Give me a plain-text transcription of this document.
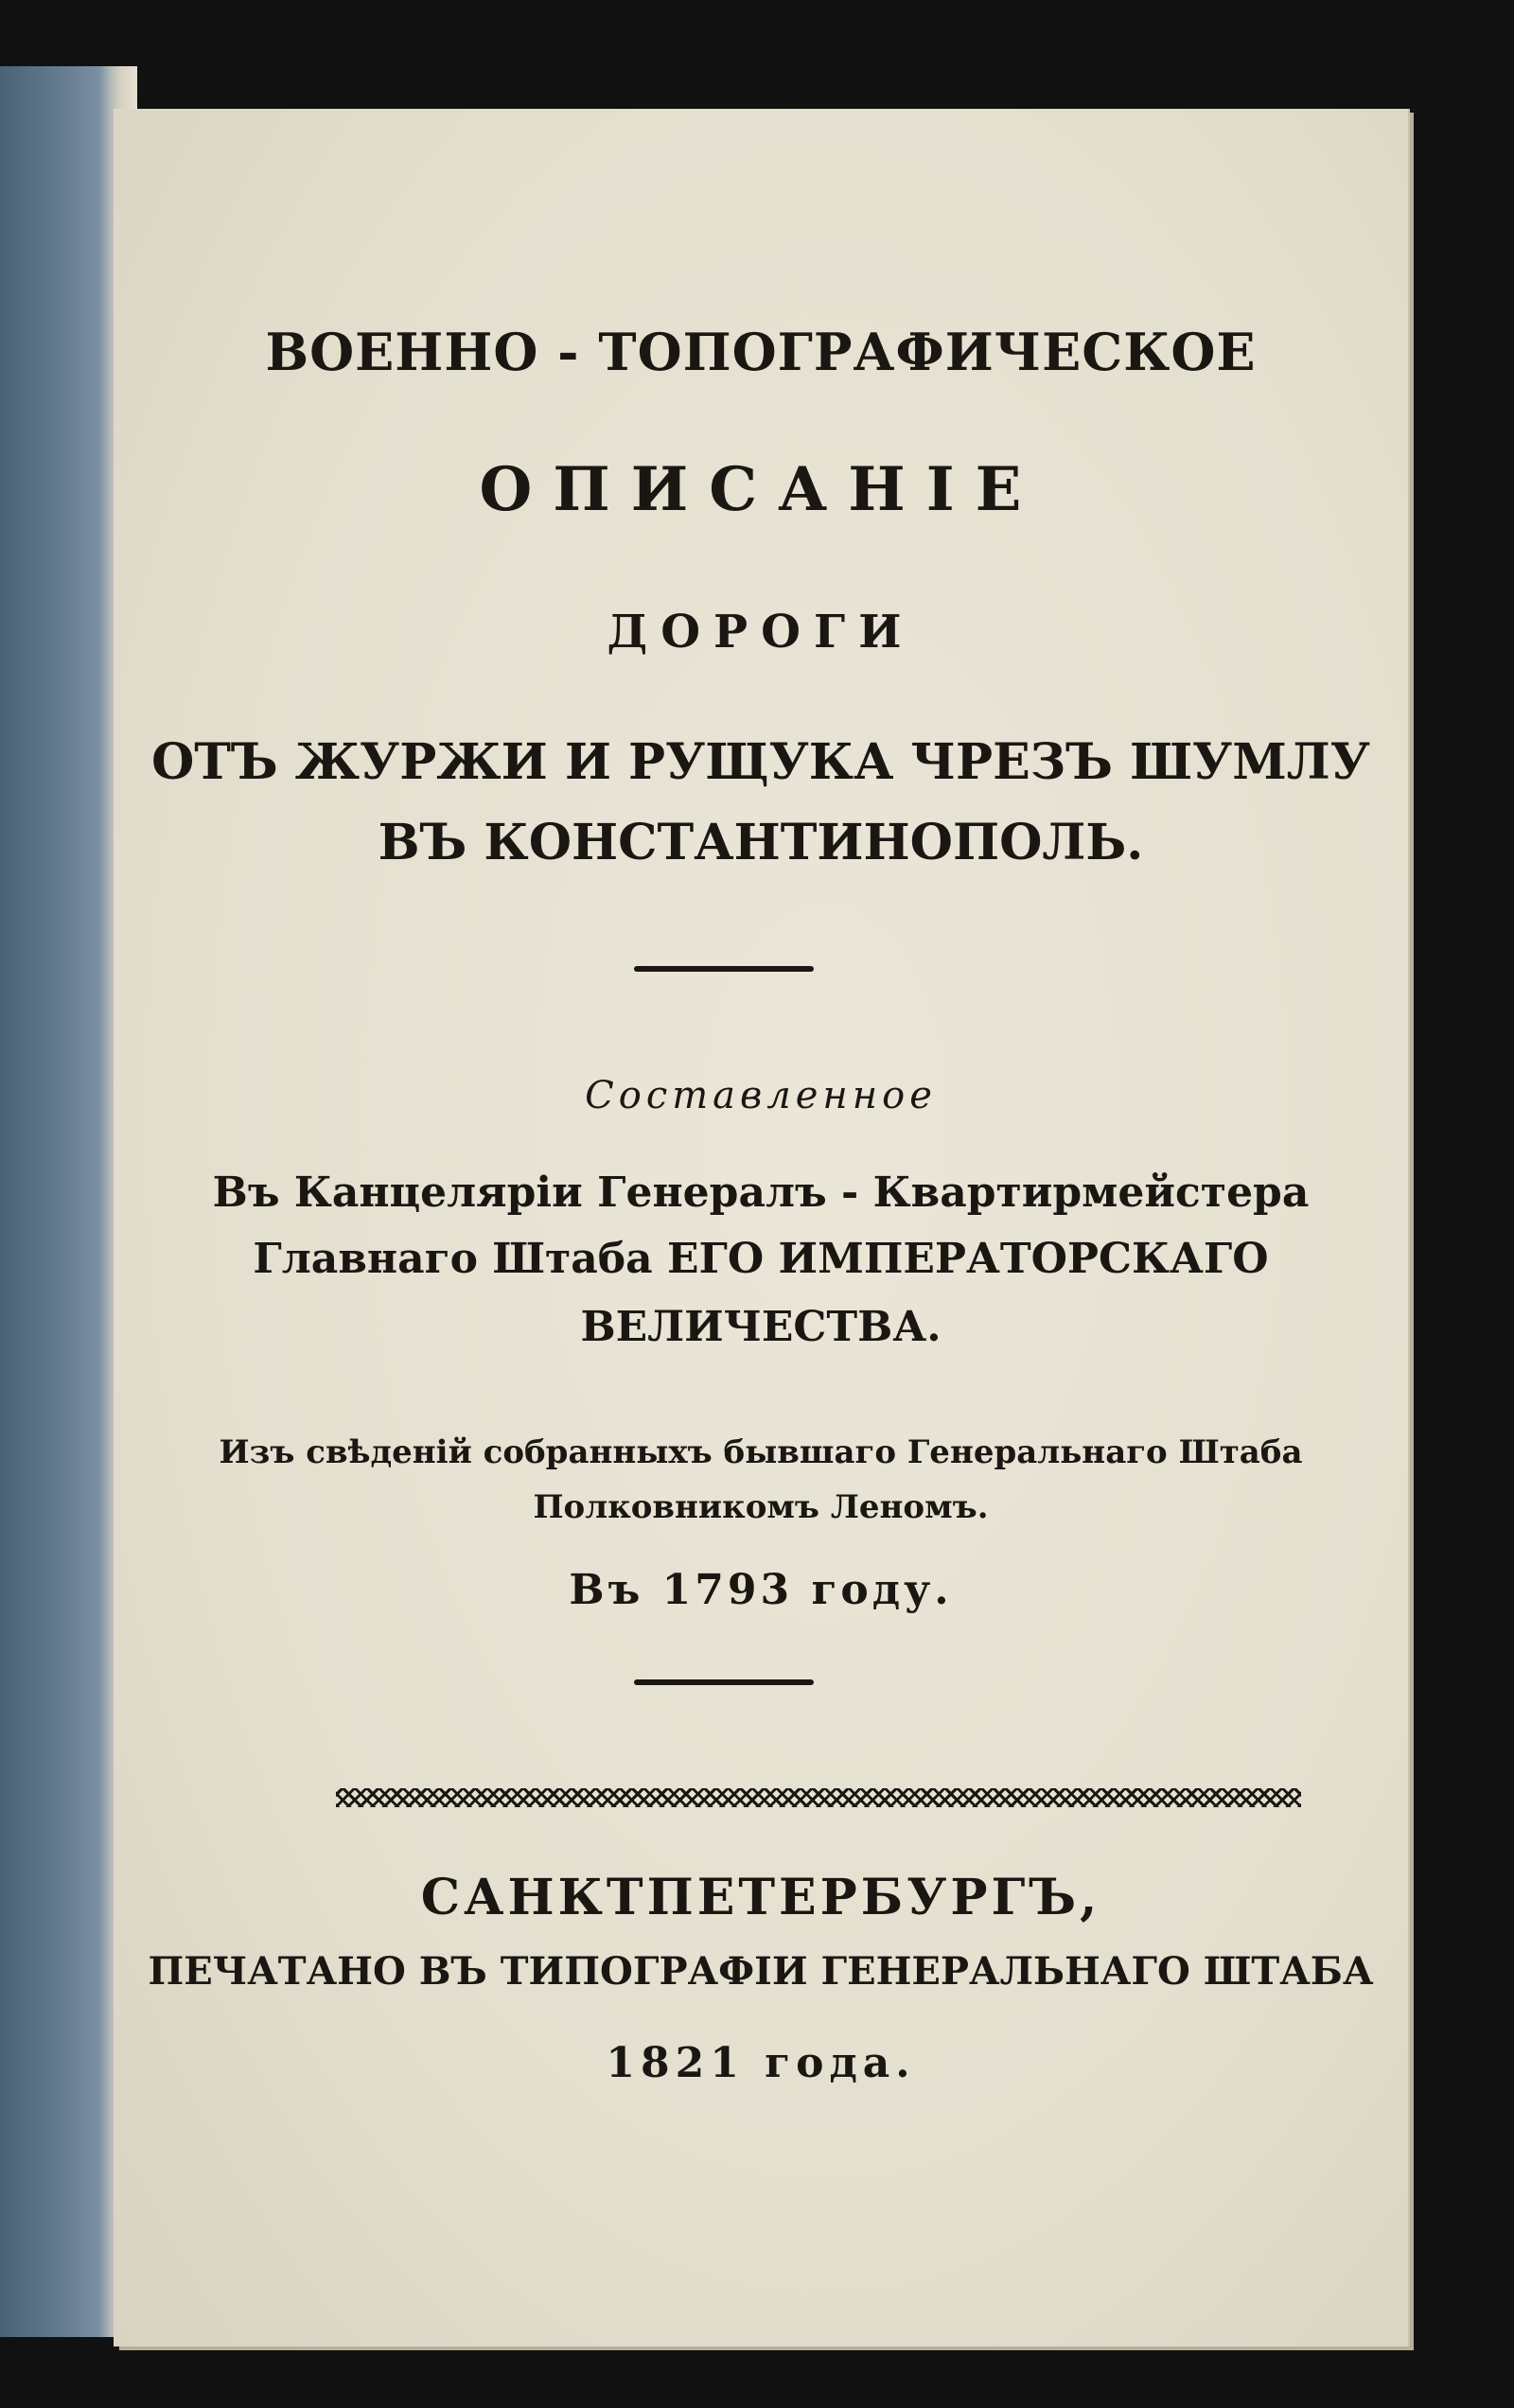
ВОЕННО - ТОПОГРАФИЧЕСКОЕ
ОПИСАНІЕ
ДОРОГИ
ОТЪ ЖУРЖИ И РУЩУКА ЧРЕЗЪ ШУМЛУ
ВЪ КОНСТАНТИНОПОЛЬ.
Составленное
Въ Канцеляріи Генералъ - Квартирмейстера
Главнаго Штаба ЕГО ИМПЕРАТОРСКАГО
ВЕЛИЧЕСТВА.
Изъ свѣденій собранныхъ бывшаго Генеральнаго Штаба
Полковникомъ Леномъ.
Въ 1793 году.
САНКТПЕТЕРБУРГЪ,
ПЕЧАТАНО ВЪ ТИПОГРАФІИ ГЕНЕРАЛЬНАГО ШТАБА
1821 года.
